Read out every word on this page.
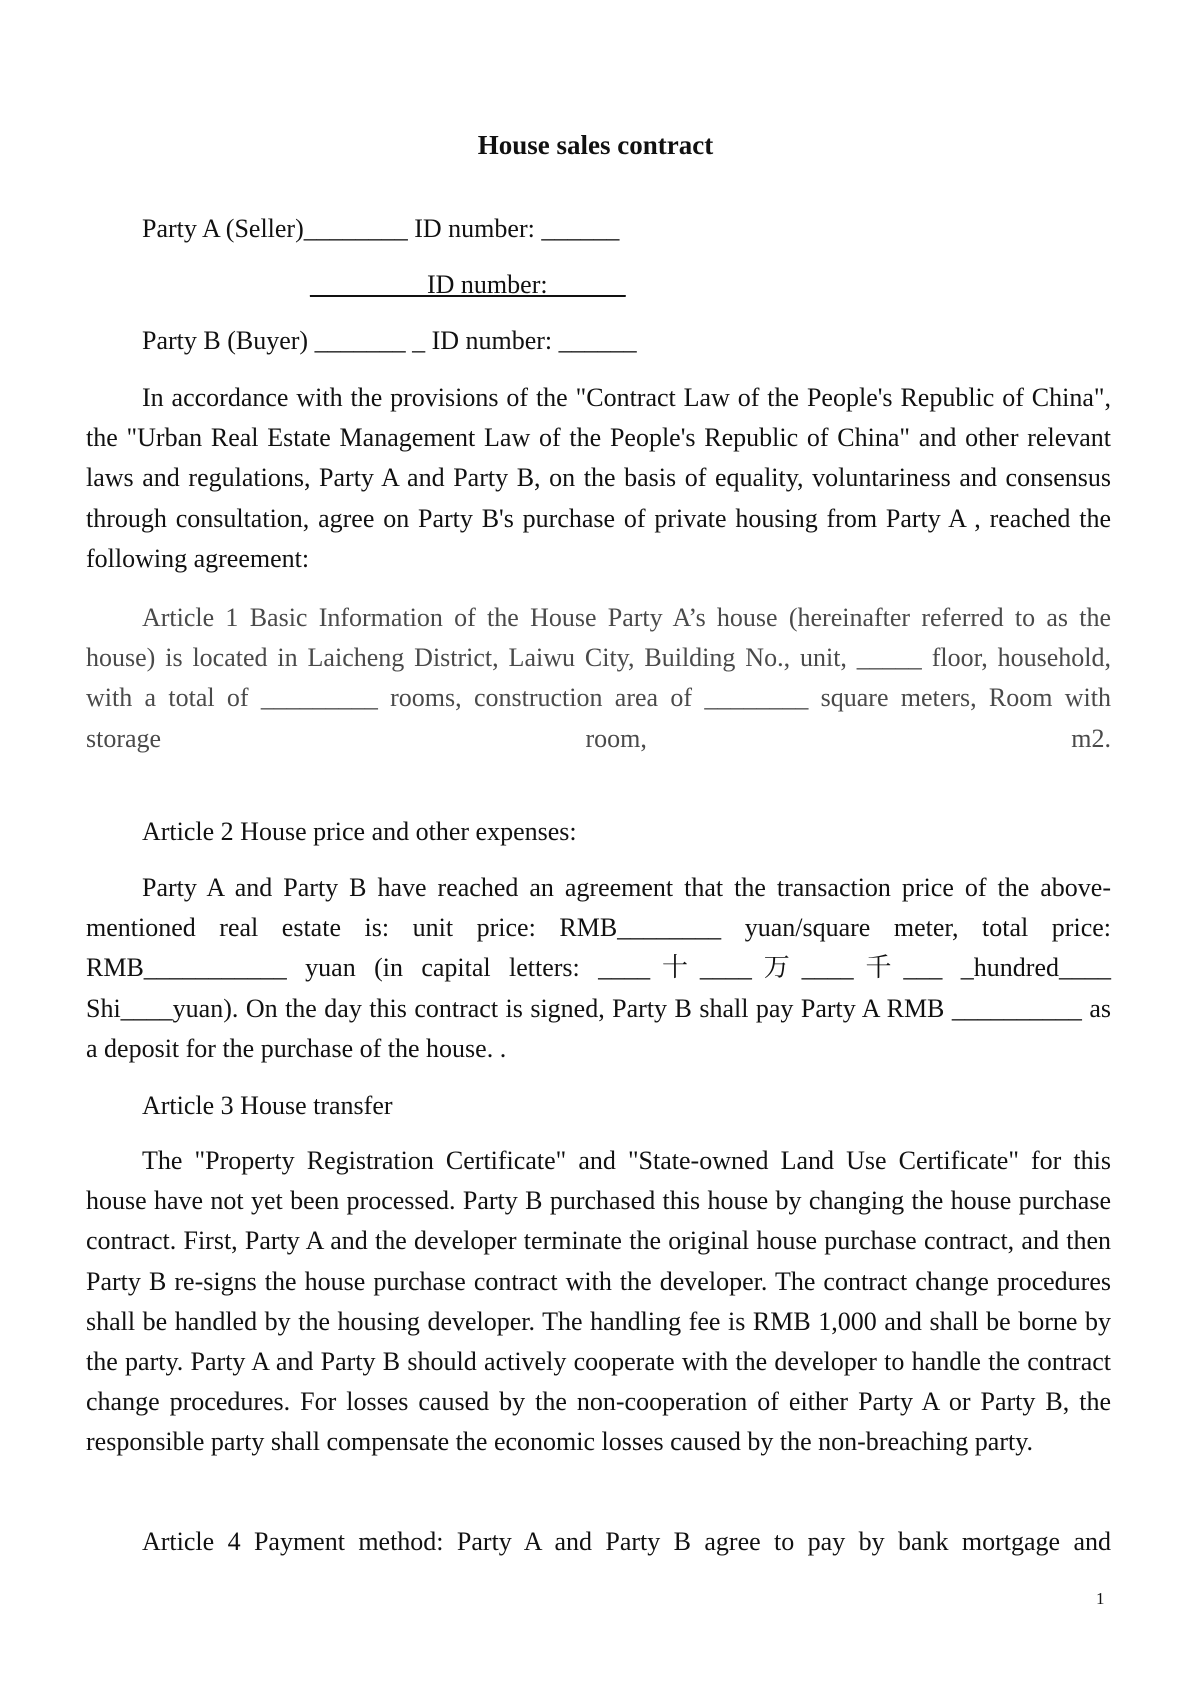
House sales contract
Party A (Seller)________ ID number: ______
________  ID number:______
Party B (Buyer) _______ _ ID number: ______

In accordance with the provisions of the "Contract Law of the People's Republic of China", the "Urban Real Estate Management Law of the People's Republic of China" and other relevant laws and regulations, Party A and Party B, on the basis of equality, voluntariness and consensus through consultation, agree on Party B's purchase of private housing from Party A , reached the following agreement:

Article 1 Basic Information of the House Party A’s house (hereinafter referred to as the house) is located in Laicheng District, Laiwu City, Building No., unit, _____ floor, household, with a total of _________ rooms, construction area of ________ square meters, Room with storage room, m2.

Article 2 House price and other expenses:

Party A and Party B have reached an agreement that the transaction price of the above-mentioned real estate is: unit price: RMB________ yuan/square meter, total price: RMB___________ yuan (in capital letters: ____十____万____千___ _hundred____ Shi____yuan). On the day this contract is signed, Party B shall pay Party A RMB __________ as a deposit for the purchase of the house. .

Article 3 House transfer

The "Property Registration Certificate" and "State-owned Land Use Certificate" for this house have not yet been processed. Party B purchased this house by changing the house purchase contract. First, Party A and the developer terminate the original house purchase contract, and then Party B re-signs the house purchase contract with the developer. The contract change procedures shall be handled by the housing developer. The handling fee is RMB 1,000 and shall be borne by the party. Party A and Party B should actively cooperate with the developer to handle the contract change procedures. For losses caused by the non-cooperation of either Party A or Party B, the responsible party shall compensate the economic losses caused by the non-breaching party.

Article 4 Payment method: Party A and Party B agree to pay by bank mortgage and

1
